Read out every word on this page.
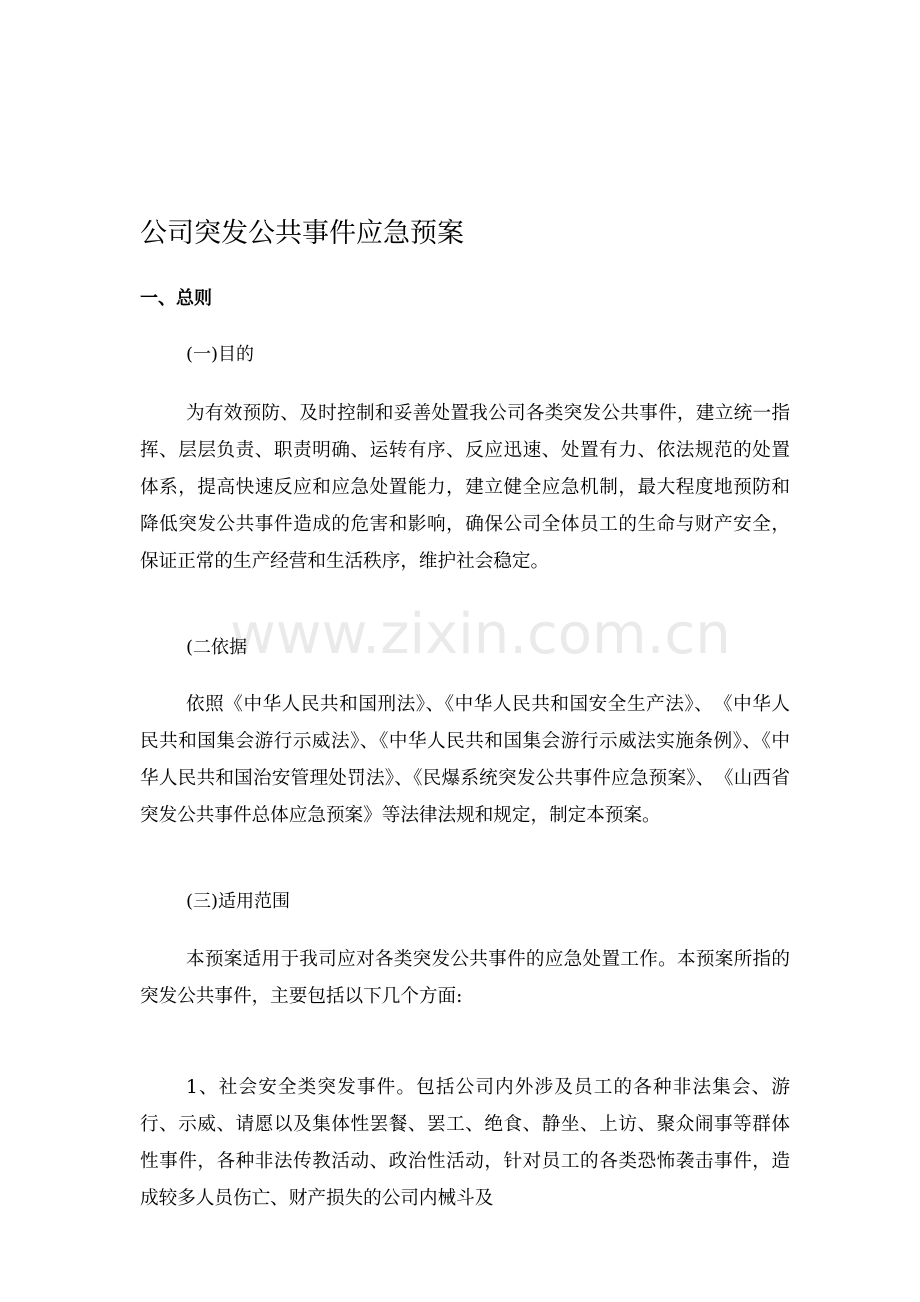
公司突发公共事件应急预案
一、总则
(一)目的
为有效预防、及时控制和妥善处置我公司各类突发公共事件，建立统一指挥、层层负责、职责明确、运转有序、反应迅速、处置有力、依法规范的处置体系，提高快速反应和应急处置能力，建立健全应急机制，最大程度地预防和降低突发公共事件造成的危害和影响，确保公司全体员工的生命与财产安全，保证正常的生产经营和生活秩序，维护社会稳定。
(二依据
依照《中华人民共和国刑法》、《中华人民共和国安全生产法》、　《中华人民共和国集会游行示威法》、《中华人民共和国集会游行示威法实施条例》、《中华人民共和国治安管理处罚法》、《民爆系统突发公共事件应急预案》、　《山西省突发公共事件总体应急预案》等法律法规和规定，制定本预案。
(三)适用范围
本预案适用于我司应对各类突发公共事件的应急处置工作。本预案所指的突发公共事件，主要包括以下几个方面:
1、社会安全类突发事件。包括公司内外涉及员工的各种非法集会、游行、示威、请愿以及集体性罢餐、罢工、绝食、静坐、上访、聚众闹事等群体性事件，各种非法传教活动、政治性活动，针对员工的各类恐怖袭击事件，造成较多人员伤亡、财产损失的公司内械斗及
www.zixin.com.cn
